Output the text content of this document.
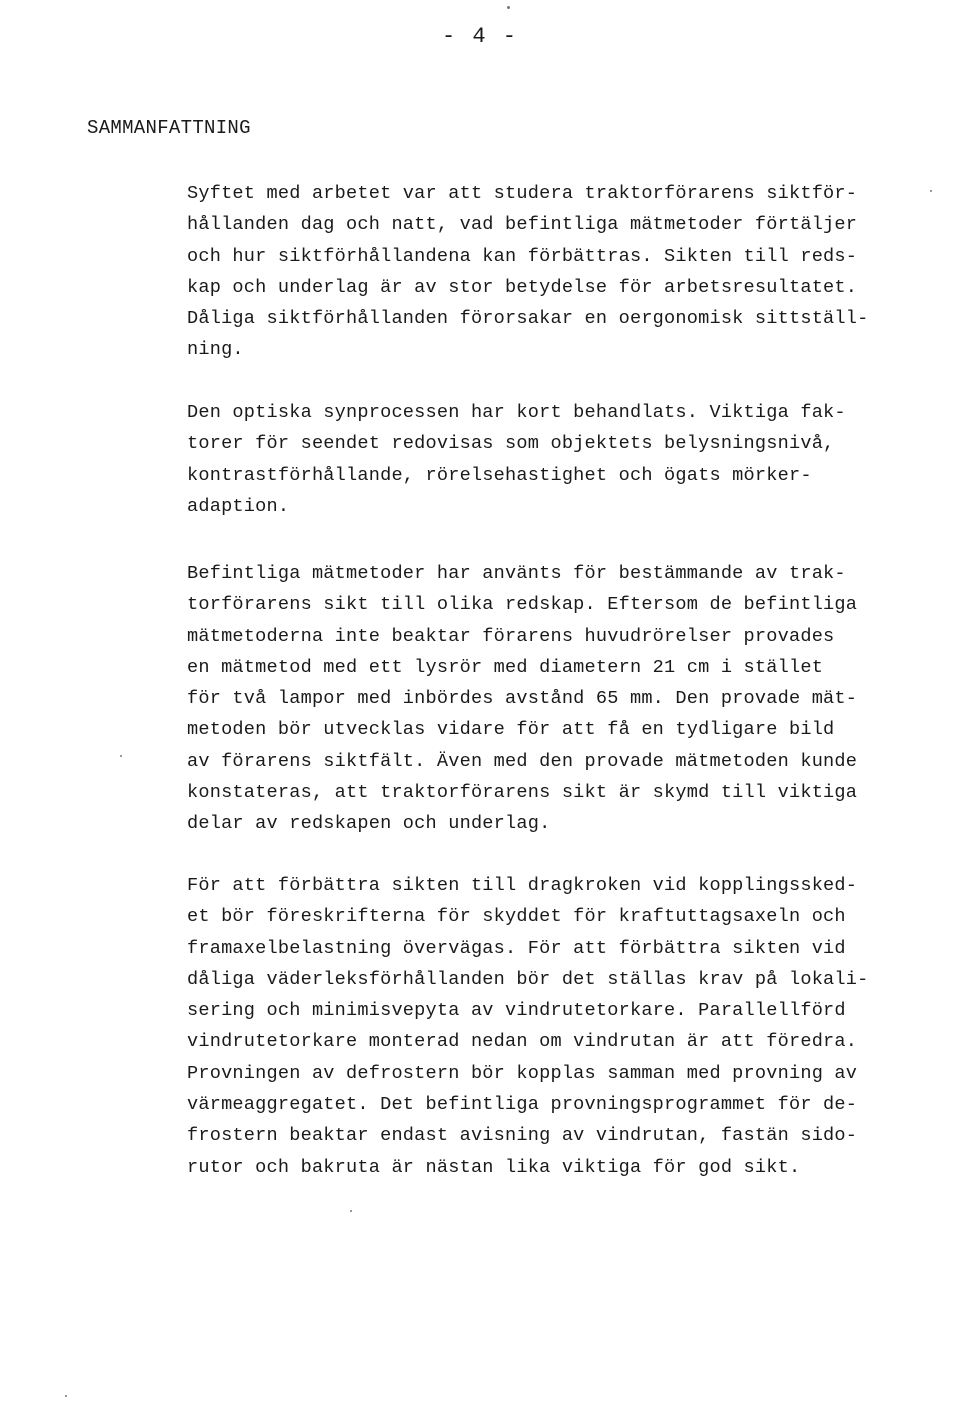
- 4 -
SAMMANFATTNING
Syftet med arbetet var att studera traktorförarens siktför-
hållanden dag och natt, vad befintliga mätmetoder förtäljer
och hur siktförhållandena kan förbättras. Sikten till reds-
kap och underlag är av stor betydelse för arbetsresultatet.
Dåliga siktförhållanden förorsakar en oergonomisk sittställ-
ning.
Den optiska synprocessen har kort behandlats. Viktiga fak-
torer för seendet redovisas som objektets belysningsnivå,
kontrastförhållande, rörelsehastighet och ögats mörker-
adaption.
Befintliga mätmetoder har använts för bestämmande av trak-
torförarens sikt till olika redskap. Eftersom de befintliga
mätmetoderna inte beaktar förarens huvudrörelser provades
en mätmetod med ett lysrör med diametern 21 cm i stället
för två lampor med inbördes avstånd 65 mm. Den provade mät-
metoden bör utvecklas vidare för att få en tydligare bild
av förarens siktfält. Även med den provade mätmetoden kunde
konstateras, att traktorförarens sikt är skymd till viktiga
delar av redskapen och underlag.
För att förbättra sikten till dragkroken vid kopplingssked-
et bör föreskrifterna för skyddet för kraftuttagsaxeln och
framaxelbelastning övervägas. För att förbättra sikten vid
dåliga väderleksförhållanden bör det ställas krav på lokali-
sering och minimisvepyta av vindrutetorkare. Parallellförd
vindrutetorkare monterad nedan om vindrutan är att föredra.
Provningen av defrostern bör kopplas samman med provning av
värmeaggregatet. Det befintliga provningsprogrammet för de-
frostern beaktar endast avisning av vindrutan, fastän sido-
rutor och bakruta är nästan lika viktiga för god sikt.
